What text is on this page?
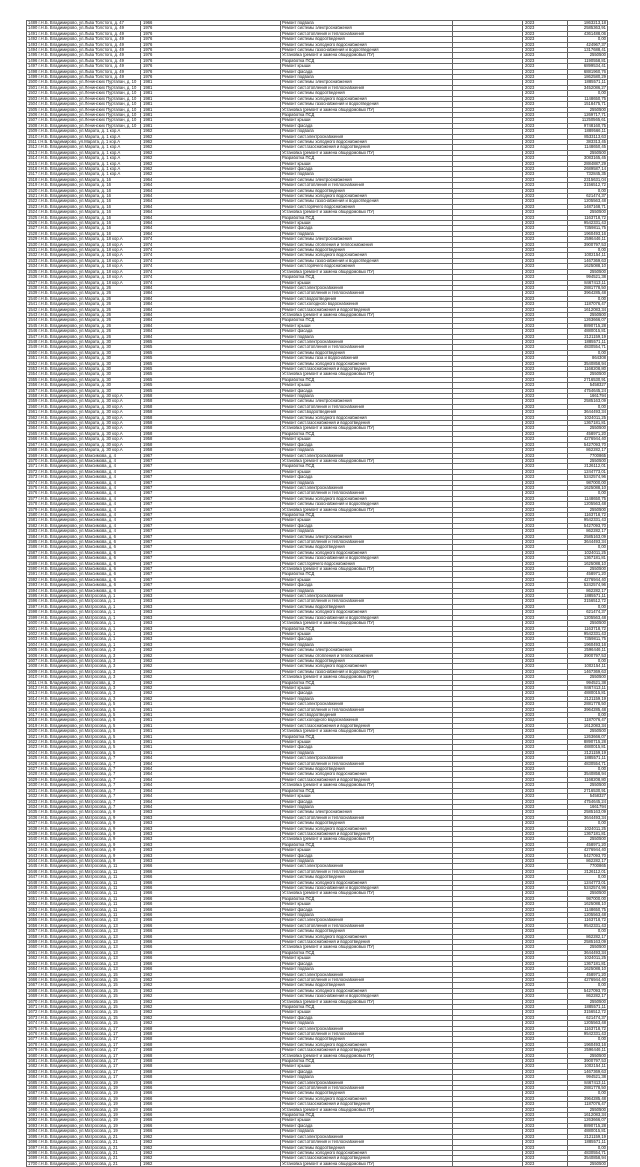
1489 г.Н.Б. Владимирово, ул.Льва Толстого, д. 47	1966	Ремонт подвала		2023	1863213,18
1490 г.Н.Б. Владимирово, ул.Льва Толстого, д. 49	1976	Ремонт системы электроснабжения		2023	2585363,91
1491 г.Н.Б. Владимирово, ул.Льва Толстого, д. 49	1976	Ремонт сист.отопления и теплоснабжения		2023	4361488,06
1492 г.Н.Б. Владимирово, ул.Льва Толстого, д. 49	1976	Ремонт системы водоотведения		2023	0,00
1493 г.Н.Б. Владимирово, ул.Льва Толстого, д. 49	1976	Ремонт системы холодного водоснабжения		2023	424967,37
1494 г.Н.Б. Владимирово, ул.Льва Толстого, д. 49	1976	Ремонт системы газоснабжения и водоотведения		2023	1317688,41
1495 г.Н.Б. Владимирово, ул.Льва Толстого, д. 49	1976	Установка (ремонт и замена общедомовых ПУ)		2023	2550500
1496 г.Н.Б. Владимирово, ул.Льва Толстого, д. 49	1976	Разработка ПСД		2023	1190558,81
1497 г.Н.Б. Владимирово, ул.Льва Толстого, д. 49	1976	Ремонт крыши		2023	6899534,41
1498 г.Н.Б. Владимирово, ул.Льва Толстого, д. 49	1976	Ремонт фасада		2023	6881960,76
1499 г.Н.Б. Владимирово, ул.Льва Толстого, д. 49	1976	Ремонт подвала		2023	1862580,29
1500 г.Н.Б. Владимирово, ул.Ленинских Пуртапан, д. 10	1981	Ремонт системы электроснабжения		2023	1885571,11
1501 г.Н.Б. Владимирово, ул.Ленинских Пуртапан, д. 10	1981	Ремонт сист.отопления и теплоснабжения		2023	3452086,27
1502 г.Н.Б. Владимирово, ул.Ленинских Пуртапан, д. 10	1981	Ремонт системы водоотведения		2023	0,00
1503 г.Н.Б. Владимирово, ул.Ленинских Пуртапан, д. 10	1981	Ремонт системы холодного водоснабжения		2023	1148650,75
1504 г.Н.Б. Владимирово, ул.Ленинских Пуртапан, д. 10	1981	Ремонт системы газоснабжения и водоотведения		2023	1518475,71
1505 г.Н.Б. Владимирово, ул.Ленинских Пуртапан, д. 10	1981	Установка (ремонт и замена общедомовых ПУ)		2023	2550500
1506 г.Н.Б. Владимирово, ул.Ленинских Пуртапан, д. 10	1981	Разработка ПСД		2023	1269717,71
1507 г.Н.Б. Владимирово, ул.Ленинских Пуртапан, д. 10	1981	Ремонт крыши		2023	11250565,61
1508 г.Н.Б. Владимирово, ул.Ленинских Пуртапан, д. 10	1981	Ремонт фасада		2023	9748160,75
1509 г.Н.Б. Владимирово, ул.Марата, д. 1 кор.А	1962	Ремонт подвала		2023	1889566,11
1510 г.Н.Б. Владимирово, ул.Марата, д. 1 кор.А	1962	Ремонт сист.электроснабжения		2023	8533113,63
1511 г.Н.Б. Владимирово, ул.Марата, д. 1 кор.А	1962	Ремонт системы холодного водоснабжения		2023	383313,45
1512 г.Н.Б. Владимирово, ул.Марата, д. 1 кор.А	1962	Ремонт сист.газоснабжения и водоотведения		2023	1148650,45
1513 г.Н.Б. Владимирово, ул.Марата, д. 1 кор.А	1962	Установка (ремонт и замена общедомовых ПУ)		2023	2550500
1514 г.Н.Б. Владимирово, ул.Марата, д. 1 кор.А	1962	Разработка ПСД		2023	3083165,45
1515 г.Н.Б. Владимирово, ул.Марата, д. 1 кор.А	1962	Ремонт крыши		2023	2884887,29
1516 г.Н.Б. Владимирово, ул.Марата, д. 1 кор.А	1962	Ремонт фасада		2023	2689587,14
1517 г.Н.Б. Владимирово, ул.Марата, д. 1 кор.А	1962	Ремонт подвала		2023	732845,35
1518 г.Н.Б. Владимирово, ул.Марата, д. 16	1964	Ремонт системы электроснабжения		2023	2315631,04
1519 г.Н.Б. Владимирово, ул.Марата, д. 16	1964	Ремонт сист.отопления и теплоснабжения		2023	3156512,72
1520 г.Н.Б. Владимирово, ул.Марата, д. 16	1964	Ремонт системы водоотведения		2023	0,00
1521 г.Н.Б. Владимирово, ул.Марата, д. 16	1964	Ремонт системы холодного водоснабжения		2023	621474,37
1522 г.Н.Б. Владимирово, ул.Марата, д. 16	1964	Ремонт системы газоснабжения и водоотведения		2023	1205563,48
1523 г.Н.Б. Владимирово, ул.Марата, д. 16	1964	Ремонт сист.горячего водоснабжения		2023	1487168,71
1524 г.Н.Б. Владимирово, ул.Марата, д. 16	1964	Установка (ремонт и замена общедомовых ПУ)		2023	2550500
1525 г.Н.Б. Владимирово, ул.Марата, д. 16	1964	Разработка ПСД		2023	1163718,72
1526 г.Н.Б. Владимирово, ул.Марата, д. 16	1964	Ремонт крыши		2023	9542331,43
1527 г.Н.Б. Владимирово, ул.Марата, д. 16	1964	Ремонт фасада		2023	7359811,75
1528 г.Н.Б. Владимирово, ул.Марата, д. 16	1964	Ремонт подвала		2023	1960493,16
1529 г.Н.Б. Владимирово, ул.Марата, д. 18 кор.А	1974	Ремонт системы электроснабжения		2023	2596446,11
1530 г.Н.Б. Владимирово, ул.Марата, д. 18 кор.А	1974	Ремонт системы отопления и теплоснабжения		2023	3900797,53
1531 г.Н.Б. Владимирово, ул.Марата, д. 18 кор.А	1974	Ремонт системы водоотведения		2023	0,00
1532 г.Н.Б. Владимирово, ул.Марата, д. 18 кор.А	1974	Ремонт системы холодного водоснабжения		2023	1002154,11
1533 г.Н.Б. Владимирово, ул.Марата, д. 18 кор.А	1974	Ремонт системы газоснабжения и водоотведения		2023	1467369,63
1534 г.Н.Б. Владимирово, ул.Марата, д. 18 кор.А	1974	Ремонт сист.горячего водоснабжения		2023	1625088,10
1535 г.Н.Б. Владимирово, ул.Марата, д. 18 кор.А	1974	Установка (ремонт и замена общедомовых ПУ)		2023	2550500
1536 г.Н.Б. Владимирово, ул.Марата, д. 18 кор.А	1974	Разработка ПСД		2023	994521,38
1537 г.Н.Б. Владимирово, ул.Марата, д. 18 кор.А	1974	Ремонт крыши		2023	8467413,11
1538 г.Н.Б. Владимирово, ул.Марата, д. 26	1984	Ремонт сист.электроснабжения		2023	2881778,50
1539 г.Н.Б. Владимирово, ул.Марата, д. 26	1984	Ремонт сист.отопления и теплоснабжения		2023	3964285,48
1540 г.Н.Б. Владимирово, ул.Марата, д. 26	1984	Ремонт сист.водоотведения		2023	0,00
1541 г.Н.Б. Владимирово, ул.Марата, д. 26	1984	Ремонт сист.холодного водоснабжения		2023	1187076,47
1542 г.Н.Б. Владимирово, ул.Марата, д. 26	1984	Ремонт сист.газоснабжения и водоотведения		2023	1612083,34
1543 г.Н.Б. Владимирово, ул.Марата, д. 26	1984	Установка (ремонт и замена общедомовых ПУ)		2023	2550500
1544 г.Н.Б. Владимирово, ул.Марата, д. 26	1984	Разработка ПСД		2023	1263666,07
1545 г.Н.Б. Владимирово, ул.Марата, д. 26	1984	Ремонт крыши		2023	8890715,28
1546 г.Н.Б. Владимирово, ул.Марата, д. 26	1984	Ремонт фасада		2023	4880015,81
1547 г.Н.Б. Владимирово, ул.Марата, д. 26	1984	Ремонт подвала		2023	2121159,19
1548 г.Н.Б. Владимирово, ул.Марата, д. 30	1965	Ремонт сист.электроснабжения		2023	1885571,11
1549 г.Н.Б. Владимирово, ул.Марата, д. 30	1965	Ремонт сист.отопления и теплоснабжения		2023	4830554,71
1550 г.Н.Б. Владимирово, ул.Марата, д. 30	1965	Ремонт системы водоотведения		2023	0,00
1551 г.Н.Б. Владимирово, ул.Марата, д. 30	1965	Ремонт системы газа и водоснабжения		2023	864308
1552 г.Н.Б. Владимирово, ул.Марата, д. 30	1965	Ремонт системы холодного водоснабжения		2023	3540858,94
1553 г.Н.Б. Владимирово, ул.Марата, д. 30	1965	Ремонт сист.газоснабжения и водоотведения		2023	1168208,80
1554 г.Н.Б. Владимирово, ул.Марата, д. 30	1965	Установка (ремонт и замена общедомовых ПУ)		2023	2550500
1555 г.Н.Б. Владимирово, ул.Марата, д. 30	1965	Разработка ПСД		2023	2716530,91
1556 г.Н.Б. Владимирово, ул.Марата, д. 30	1965	Ремонт крыши		2023	5458327
1557 г.Н.Б. Владимирово, ул.Марата, д. 30	1965	Ремонт фасада		2023	4754645,24
1558 г.Н.Б. Владимирово, ул.Марата, д. 30 кор.А	1958	Ремонт подвала		2023	1661794
1559 г.Н.Б. Владимирово, ул.Марата, д. 30 кор.А	1958	Ремонт системы электроснабжения		2023	2585163,09
1560 г.Н.Б. Владимирово, ул.Марата, д. 30 кор.А	1958	Ремонт сист.отопления и теплоснабжения		2023	0,00
1561 г.Н.Б. Владимирово, ул.Марата, д. 30 кор.А	1958	Ремонт сист.водоотведения		2023	3644493,34
1562 г.Н.Б. Владимирово, ул.Марата, д. 30 кор.А	1958	Ремонт системы холодного водоснабжения		2023	1024011,25
1563 г.Н.Б. Владимирово, ул.Марата, д. 30 кор.А	1958	Ремонт сист.газоснабжения и водоотведения		2023	1367181,81
1564 г.Н.Б. Владимирово, ул.Марата, д. 30 кор.А	1958	Установка (ремонт и замена общедомовых ПУ)		2023	2550500
1565 г.Н.Б. Владимирово, ул.Марата, д. 30 кор.А	1958	Разработка ПСД		2023	458971,20
1566 г.Н.Б. Владимирово, ул.Марата, д. 30 кор.А	1958	Ремонт крыши		2023	4276944,40
1567 г.Н.Б. Владимирово, ул.Марата, д. 30 кор.А	1958	Ремонт фасада		2023	5427093,70
1568 г.Н.Б. Владимирово, ул.Марата, д. 30 кор.А	1958	Ремонт подвала		2023	862282,17
1569 г.Н.Б. Владимирово, ул.Максимова, д. 4	1967	Ремонт сист.электроснабжения		2023	7700865
1570 г.Н.Б. Владимирово, ул.Максимова, д. 4	1967	Установка (ремонт и замена общедомовых ПУ)		2023	2550500
1571 г.Н.Б. Владимирово, ул.Максимова, д. 4	1967	Разработка ПСД		2023	2126112,01
1572 г.Н.Б. Владимирово, ул.Максимова, д. 4	1967	Ремонт крыши		2023	1244773,01
1573 г.Н.Б. Владимирово, ул.Максимова, д. 4	1967	Ремонт фасада		2023	5242574,96
1574 г.Н.Б. Владимирово, ул.Максимова, д. 4	1967	Ремонт подвала		2023	987000,00
1575 г.Н.Б. Владимирово, ул.Максимова, д. 4	1967	Ремонт сист.электроснабжения		2023	1625088,10
1576 г.Н.Б. Владимирово, ул.Максимова, д. 4	1967	Ремонт сист.отопления и теплоснабжения		2023	0,00
1577 г.Н.Б. Владимирово, ул.Максимова, д. 4	1967	Ремонт системы холодного водоснабжения		2023	1148650,75
1578 г.Н.Б. Владимирово, ул.Максимова, д. 4	1967	Ремонт системы газоснабжения и водоотведения		2023	1205563,48
1579 г.Н.Б. Владимирово, ул.Максимова, д. 4	1967	Установка (ремонт и замена общедомовых ПУ)		2023	2550500
1580 г.Н.Б. Владимирово, ул.Максимова, д. 4	1967	Разработка ПСД		2023	1163718,72
1581 г.Н.Б. Владимирово, ул.Максимова, д. 4	1967	Ремонт крыши		2023	9542331,43
1582 г.Н.Б. Владимирово, ул.Максимова, д. 4	1967	Ремонт фасада		2023	5427093,70
1583 г.Н.Б. Владимирово, ул.Максимова, д. 4	1967	Ремонт подвала		2023	862282,17
1584 г.Н.Б. Владимирово, ул.Максимова, д. 6	1967	Ремонт системы электроснабжения		2023	2585163,09
1585 г.Н.Б. Владимирово, ул.Максимова, д. 6	1967	Ремонт сист.отопления и теплоснабжения		2023	3644493,34
1586 г.Н.Б. Владимирово, ул.Максимова, д. 6	1967	Ремонт системы водоотведения		2023	0,00
1587 г.Н.Б. Владимирово, ул.Максимова, д. 6	1967	Ремонт системы холодного водоснабжения		2023	1024011,25
1588 г.Н.Б. Владимирово, ул.Максимова, д. 6	1967	Ремонт системы газоснабжения и водоотведения		2023	1367181,81
1589 г.Н.Б. Владимирово, ул.Максимова, д. 6	1967	Ремонт сист.горячего водоснабжения		2023	1625088,10
1590 г.Н.Б. Владимирово, ул.Максимова, д. 6	1967	Установка (ремонт и замена общедомовых ПУ)		2023	2550500
1591 г.Н.Б. Владимирово, ул.Максимова, д. 6	1967	Разработка ПСД		2023	458971,20
1592 г.Н.Б. Владимирово, ул.Максимова, д. 6	1967	Ремонт крыши		2023	4276944,40
1593 г.Н.Б. Владимирово, ул.Максимова, д. 6	1967	Ремонт фасада		2023	5242574,96
1594 г.Н.Б. Владимирово, ул.Максимова, д. 6	1967	Ремонт подвала		2023	862282,17
1595 г.Н.Б. Владимирово, ул.Матросова, д. 1	1963	Ремонт сист.электроснабжения		2023	1885571,11
1596 г.Н.Б. Владимирово, ул.Матросова, д. 1	1963	Ремонт сист.отопления и теплоснабжения		2023	3156512,72
1597 г.Н.Б. Владимирово, ул.Матросова, д. 1	1963	Ремонт системы водоотведения		2023	0,00
1598 г.Н.Б. Владимирово, ул.Матросова, д. 1	1963	Ремонт системы холодного водоснабжения		2023	621474,37
1599 г.Н.Б. Владимирово, ул.Матросова, д. 1	1963	Ремонт системы газоснабжения и водоотведения		2023	1205563,48
1600 г.Н.Б. Владимирово, ул.Матросова, д. 1	1963	Установка (ремонт и замена общедомовых ПУ)		2023	2550500
1601 г.Н.Б. Владимирово, ул.Матросова, д. 1	1963	Разработка ПСД		2023	1163718,72
1602 г.Н.Б. Владимирово, ул.Матросова, д. 1	1963	Ремонт крыши		2023	9542331,43
1603 г.Н.Б. Владимирово, ул.Матросова, д. 1	1963	Ремонт фасада		2023	7359811,75
1604 г.Н.Б. Владимирово, ул.Матросова, д. 1	1963	Ремонт подвала		2023	1960493,16
1605 г.Н.Б. Владимирово, ул.Матросова, д. 3	1962	Ремонт системы электроснабжения		2023	2596446,11
1606 г.Н.Б. Владимирово, ул.Матросова, д. 3	1962	Ремонт системы отопления и теплоснабжения		2023	3900797,53
1607 г.Н.Б. Владимирово, ул.Матросова, д. 3	1962	Ремонт системы водоотведения		2023	0,00
1608 г.Н.Б. Владимирово, ул.Матросова, д. 3	1962	Ремонт системы холодного водоснабжения		2023	1002154,11
1609 г.Н.Б. Владимирово, ул.Матросова, д. 3	1962	Ремонт системы газоснабжения и водоотведения		2023	1467369,63
1610 г.Н.Б. Владимирово, ул.Матросова, д. 3	1962	Установка (ремонт и замена общедомовых ПУ)		2023	2550500
1611 г.Н.Б. Владимирово, ул.Матросова, д. 3	1962	Разработка ПСД		2023	994521,38
1612 г.Н.Б. Владимирово, ул.Матросова, д. 3	1962	Ремонт крыши		2023	8467413,11
1613 г.Н.Б. Владимирово, ул.Матросова, д. 3	1962	Ремонт фасада		2023	4880015,81
1614 г.Н.Б. Владимирово, ул.Матросова, д. 3	1962	Ремонт подвала		2023	2121159,19
1615 г.Н.Б. Владимирово, ул.Матросова, д. 5	1961	Ремонт сист.электроснабжения		2023	2881778,50
1616 г.Н.Б. Владимирово, ул.Матросова, д. 5	1961	Ремонт сист.отопления и теплоснабжения		2023	3964285,48
1617 г.Н.Б. Владимирово, ул.Матросова, д. 5	1961	Ремонт сист.водоотведения		2023	0,00
1618 г.Н.Б. Владимирово, ул.Матросова, д. 5	1961	Ремонт сист.холодного водоснабжения		2023	1187076,47
1619 г.Н.Б. Владимирово, ул.Матросова, д. 5	1961	Ремонт сист.газоснабжения и водоотведения		2023	1612083,34
1620 г.Н.Б. Владимирово, ул.Матросова, д. 5	1961	Установка (ремонт и замена общедомовых ПУ)		2023	2550500
1621 г.Н.Б. Владимирово, ул.Матросова, д. 5	1961	Разработка ПСД		2023	1263666,07
1622 г.Н.Б. Владимирово, ул.Матросова, д. 5	1961	Ремонт крыши		2023	8890715,28
1623 г.Н.Б. Владимирово, ул.Матросова, д. 5	1961	Ремонт фасада		2023	4880015,81
1624 г.Н.Б. Владимирово, ул.Матросова, д. 5	1961	Ремонт подвала		2023	2121159,19
1625 г.Н.Б. Владимирово, ул.Матросова, д. 7	1964	Ремонт сист.электроснабжения		2023	1885571,11
1626 г.Н.Б. Владимирово, ул.Матросова, д. 7	1964	Ремонт сист.отопления и теплоснабжения		2023	4830554,71
1627 г.Н.Б. Владимирово, ул.Матросова, д. 7	1964	Ремонт системы водоотведения		2023	0,00
1628 г.Н.Б. Владимирово, ул.Матросова, д. 7	1964	Ремонт системы холодного водоснабжения		2023	3540858,94
1629 г.Н.Б. Владимирово, ул.Матросова, д. 7	1964	Ремонт сист.газоснабжения и водоотведения		2023	1168208,80
1630 г.Н.Б. Владимирово, ул.Матросова, д. 7	1964	Установка (ремонт и замена общедомовых ПУ)		2023	2550500
1631 г.Н.Б. Владимирово, ул.Матросова, д. 7	1964	Разработка ПСД		2023	2716530,91
1632 г.Н.Б. Владимирово, ул.Матросова, д. 7	1964	Ремонт крыши		2023	5458327
1633 г.Н.Б. Владимирово, ул.Матросова, д. 7	1964	Ремонт фасада		2023	4754645,24
1634 г.Н.Б. Владимирово, ул.Матросова, д. 7	1964	Ремонт подвала		2023	1661794
1635 г.Н.Б. Владимирово, ул.Матросова, д. 9	1963	Ремонт системы электроснабжения		2023	2585163,09
1636 г.Н.Б. Владимирово, ул.Матросова, д. 9	1963	Ремонт сист.отопления и теплоснабжения		2023	3644493,34
1637 г.Н.Б. Владимирово, ул.Матросова, д. 9	1963	Ремонт системы водоотведения		2023	0,00
1638 г.Н.Б. Владимирово, ул.Матросова, д. 9	1963	Ремонт системы холодного водоснабжения		2023	1024011,25
1639 г.Н.Б. Владимирово, ул.Матросова, д. 9	1963	Ремонт сист.газоснабжения и водоотведения		2023	1367181,81
1640 г.Н.Б. Владимирово, ул.Матросова, д. 9	1963	Установка (ремонт и замена общедомовых ПУ)		2023	2550500
1641 г.Н.Б. Владимирово, ул.Матросова, д. 9	1963	Разработка ПСД		2023	458971,20
1642 г.Н.Б. Владимирово, ул.Матросова, д. 9	1963	Ремонт крыши		2023	4276944,40
1643 г.Н.Б. Владимирово, ул.Матросова, д. 9	1963	Ремонт фасада		2023	5427093,70
1644 г.Н.Б. Владимирово, ул.Матросова, д. 9	1963	Ремонт подвала		2023	862282,17
1645 г.Н.Б. Владимирово, ул.Матросова, д. 11	1966	Ремонт сист.электроснабжения		2023	7700865
1646 г.Н.Б. Владимирово, ул.Матросова, д. 11	1966	Ремонт сист.отопления и теплоснабжения		2023	2126112,01
1647 г.Н.Б. Владимирово, ул.Матросова, д. 11	1966	Ремонт системы водоотведения		2023	0,00
1648 г.Н.Б. Владимирово, ул.Матросова, д. 11	1966	Ремонт системы холодного водоснабжения		2023	1244773,01
1649 г.Н.Б. Владимирово, ул.Матросова, д. 11	1966	Ремонт системы газоснабжения и водоотведения		2023	5242574,96
1650 г.Н.Б. Владимирово, ул.Матросова, д. 11	1966	Установка (ремонт и замена общедомовых ПУ)		2023	2550500
1651 г.Н.Б. Владимирово, ул.Матросова, д. 11	1966	Разработка ПСД		2023	987000,00
1652 г.Н.Б. Владимирово, ул.Матросова, д. 11	1966	Ремонт крыши		2023	1625088,10
1653 г.Н.Б. Владимирово, ул.Матросова, д. 11	1966	Ремонт фасада		2023	1148650,75
1654 г.Н.Б. Владимирово, ул.Матросова, д. 11	1966	Ремонт подвала		2023	1205563,48
1655 г.Н.Б. Владимирово, ул.Матросова, д. 13	1966	Ремонт сист.электроснабжения		2023	1163718,72
1656 г.Н.Б. Владимирово, ул.Матросова, д. 13	1966	Ремонт сист.отопления и теплоснабжения		2023	9542331,43
1657 г.Н.Б. Владимирово, ул.Матросова, д. 13	1966	Ремонт системы водоотведения		2023	0,00
1658 г.Н.Б. Владимирово, ул.Матросова, д. 13	1966	Ремонт системы холодного водоснабжения		2023	862282,17
1659 г.Н.Б. Владимирово, ул.Матросова, д. 13	1966	Ремонт сист.газоснабжения и водоотведения		2023	2585163,09
1660 г.Н.Б. Владимирово, ул.Матросова, д. 13	1966	Установка (ремонт и замена общедомовых ПУ)		2023	2550500
1661 г.Н.Б. Владимирово, ул.Матросова, д. 13	1966	Разработка ПСД		2023	3644493,34
1662 г.Н.Б. Владимирово, ул.Матросова, д. 13	1966	Ремонт крыши		2023	1024011,25
1663 г.Н.Б. Владимирово, ул.Матросова, д. 13	1966	Ремонт фасада		2023	1367181,81
1664 г.Н.Б. Владимирово, ул.Матросова, д. 13	1966	Ремонт подвала		2023	1625088,10
1665 г.Н.Б. Владимирово, ул.Матросова, д. 15	1962	Ремонт сист.электроснабжения		2023	458971,20
1666 г.Н.Б. Владимирово, ул.Матросова, д. 15	1962	Ремонт сист.отопления и теплоснабжения		2023	4276944,40
1667 г.Н.Б. Владимирово, ул.Матросова, д. 15	1962	Ремонт системы водоотведения		2023	0,00
1668 г.Н.Б. Владимирово, ул.Матросова, д. 15	1962	Ремонт системы холодного водоснабжения		2023	5427093,70
1669 г.Н.Б. Владимирово, ул.Матросова, д. 15	1962	Ремонт системы газоснабжения и водоотведения		2023	862282,17
1670 г.Н.Б. Владимирово, ул.Матросова, д. 15	1962	Установка (ремонт и замена общедомовых ПУ)		2023	2550500
1671 г.Н.Б. Владимирово, ул.Матросова, д. 15	1962	Разработка ПСД		2023	1885571,11
1672 г.Н.Б. Владимирово, ул.Матросова, д. 15	1962	Ремонт крыши		2023	3156512,72
1673 г.Н.Б. Владимирово, ул.Матросова, д. 15	1962	Ремонт фасада		2023	621474,37
1674 г.Н.Б. Владимирово, ул.Матросова, д. 15	1962	Ремонт подвала		2023	1205563,48
1675 г.Н.Б. Владимирово, ул.Матросова, д. 17	1968	Ремонт сист.электроснабжения		2023	1163718,72
1676 г.Н.Б. Владимирово, ул.Матросова, д. 17	1968	Ремонт сист.отопления и теплоснабжения		2023	9542331,43
1677 г.Н.Б. Владимирово, ул.Матросова, д. 17	1968	Ремонт системы водоотведения		2023	0,00
1678 г.Н.Б. Владимирово, ул.Матросова, д. 17	1968	Ремонт системы холодного водоснабжения		2023	1960493,16
1679 г.Н.Б. Владимирово, ул.Матросова, д. 17	1968	Ремонт сист.газоснабжения и водоотведения		2023	2596446,11
1680 г.Н.Б. Владимирово, ул.Матросова, д. 17	1968	Установка (ремонт и замена общедомовых ПУ)		2023	2550500
1681 г.Н.Б. Владимирово, ул.Матросова, д. 17	1968	Разработка ПСД		2023	3900797,53
1682 г.Н.Б. Владимирово, ул.Матросова, д. 17	1968	Ремонт крыши		2023	1002154,11
1683 г.Н.Б. Владимирово, ул.Матросова, д. 17	1968	Ремонт фасада		2023	1467369,63
1684 г.Н.Б. Владимирово, ул.Матросова, д. 17	1968	Ремонт подвала		2023	994521,38
1685 г.Н.Б. Владимирово, ул.Матросова, д. 19	1966	Ремонт сист.электроснабжения		2023	8467413,11
1686 г.Н.Б. Владимирово, ул.Матросова, д. 19	1966	Ремонт сист.отопления и теплоснабжения		2023	2881778,50
1687 г.Н.Б. Владимирово, ул.Матросова, д. 19	1966	Ремонт системы водоотведения		2023	0,00
1688 г.Н.Б. Владимирово, ул.Матросова, д. 19	1966	Ремонт системы холодного водоснабжения		2023	3964285,48
1689 г.Н.Б. Владимирово, ул.Матросова, д. 19	1966	Ремонт сист.газоснабжения и водоотведения		2023	1187076,47
1690 г.Н.Б. Владимирово, ул.Матросова, д. 19	1966	Установка (ремонт и замена общедомовых ПУ)		2023	2550500
1691 г.Н.Б. Владимирово, ул.Матросова, д. 19	1966	Разработка ПСД		2023	1612083,34
1692 г.Н.Б. Владимирово, ул.Матросова, д. 19	1966	Ремонт крыши		2023	1263666,07
1693 г.Н.Б. Владимирово, ул.Матросова, д. 19	1966	Ремонт фасада		2023	8890715,28
1694 г.Н.Б. Владимирово, ул.Матросова, д. 19	1966	Ремонт подвала		2023	4880015,81
1695 г.Н.Б. Владимирово, ул.Матросова, д. 21	1962	Ремонт сист.электроснабжения		2023	2121159,19
1696 г.Н.Б. Владимирово, ул.Матросова, д. 21	1962	Ремонт сист.отопления и теплоснабжения		2023	1885571,11
1697 г.Н.Б. Владимирово, ул.Матросова, д. 21	1962	Ремонт системы водоотведения		2023	0,00
1698 г.Н.Б. Владимирово, ул.Матросова, д. 21	1962	Ремонт системы холодного водоснабжения		2023	4830554,71
1699 г.Н.Б. Владимирово, ул.Матросова, д. 21	1962	Ремонт сист.газоснабжения и водоотведения		2023	3540858,94
1700 г.Н.Б. Владимирово, ул.Матросова, д. 21	1962	Установка (ремонт и замена общедомовых ПУ)		2023	2550500
